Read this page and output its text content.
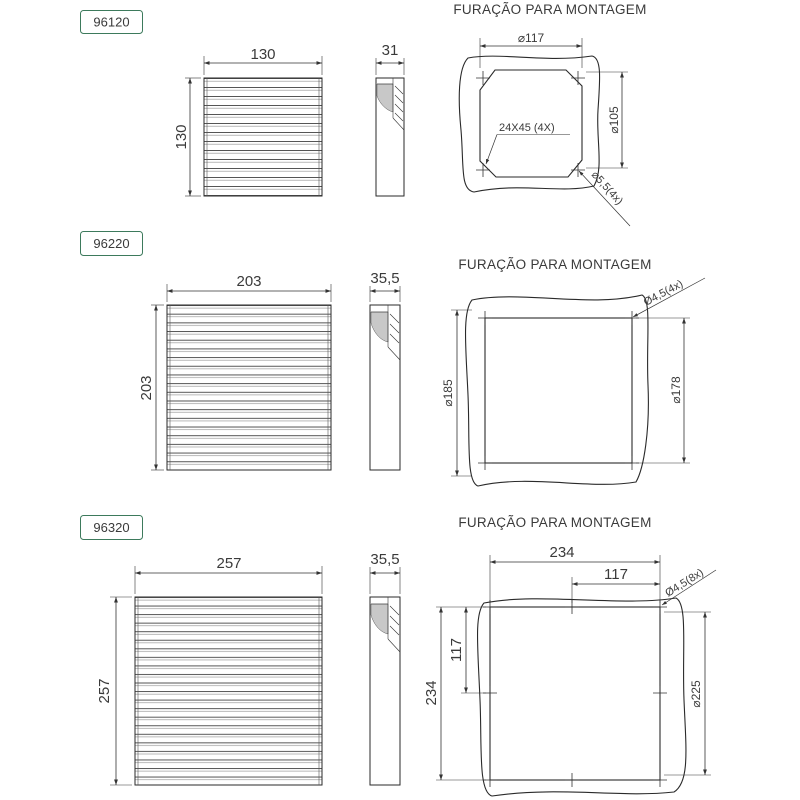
96120
130
130
31
FURAÇÃO PARA MONTAGEM
⌀117
⌀105
24X45 (4X)
⌀5,5(4x)
96220
203
203
35,5
FURAÇÃO PARA MONTAGEM
⌀185	⌀178
Ø4,5(4x)
96320
257
257
35,5
FURAÇÃO PARA MONTAGEM
234
117
117
234	⌀225
Ø4,5(8x)
